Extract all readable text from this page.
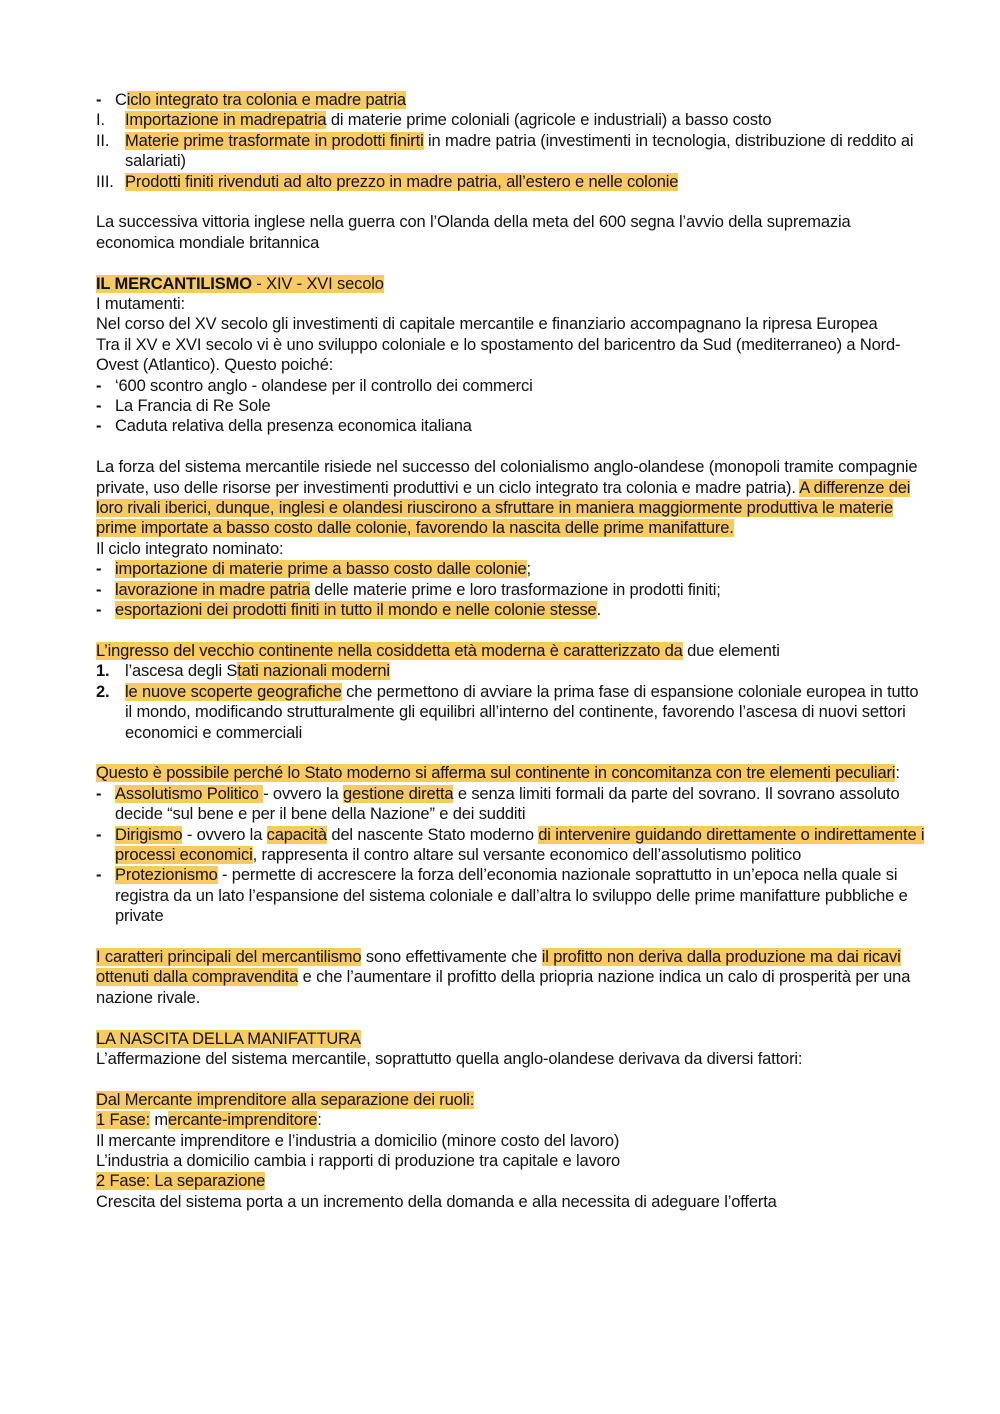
- Ciclo integrato tra colonia e madre patria
I.	Importazione in madrepatria di materie prime coloniali (agricole e industriali) a basso costo
II. Materie prime trasformate in prodotti finirti in madre patria (investimenti in tecnologia, distribuzione di reddito ai salariati)
III. Prodotti finiti rivenduti ad alto prezzo in madre patria, all’estero e nelle colonie

La successiva vittoria inglese nella guerra con l’Olanda della meta del 600 segna l’avvio della supremazia economica mondiale britannica

IL MERCANTILISMO - XIV - XVI secolo
I mutamenti:

Nel corso del XV secolo gli investimenti di capitale mercantile e finanziario accompagnano la ripresa Europea

Tra il XV e XVI secolo vi è uno sviluppo coloniale e lo spostamento del baricentro da Sud (mediterraneo) a Nord-Ovest (Atlantico). Questo poiché:

- ‘600 scontro anglo - olandese per il controllo dei commerci
- La Francia di Re Sole
- Caduta relativa della presenza economica italiana

La forza del sistema mercantile risiede nel successo del colonialismo anglo-olandese (monopoli tramite compagnie private, uso delle risorse per investimenti produttivi e un ciclo integrato tra colonia e madre patria). A differenze dei loro rivali iberici, dunque, inglesi e olandesi riuscirono a sfruttare in maniera maggiormente produttiva le materie prime importate a basso costo dalle colonie, favorendo la nascita delle prime manifatture.

Il ciclo integrato nominato:
- importazione di materie prime a basso costo dalle colonie;
- lavorazione in madre patria delle materie prime e loro trasformazione in prodotti finiti;
- esportazioni dei prodotti finiti in tutto il mondo e nelle colonie stesse.
L’ingresso del vecchio continente nella cosiddetta età moderna è caratterizzato da due elementi
1. l’ascesa degli Stati nazionali moderni
2. le nuove scoperte geografiche che permettono di avviare la prima fase di espansione coloniale europea in tutto il mondo, modificando strutturalmente gli equilibri all’interno del continente, favorendo l’ascesa di nuovi settori economici e commerciali

Questo è possibile perché lo Stato moderno si afferma sul continente in concomitanza con tre elementi peculiari:

- Assolutismo Politico - ovvero la gestione diretta e senza limiti formali da parte del sovrano. Il sovrano assoluto decide “sul bene e per il bene della Nazione” e dei sudditi
- Dirigismo - ovvero la capacità del nascente Stato moderno di intervenire guidando direttamente o indirettamente i processi economici, rappresenta il contro altare sul versante economico dell’assolutismo politico
- Protezionismo - permette di accrescere la forza dell’economia nazionale soprattutto in un’epoca nella quale si registra da un lato l’espansione del sistema coloniale e dall’altra lo sviluppo delle prime manifatture pubbliche e private

I caratteri principali del mercantilismo sono effettivamente che il profitto non deriva dalla produzione ma dai ricavi ottenuti dalla compravendita e che l’aumentare il profitto della priopria nazione indica un calo di prosperità per una nazione rivale.

LA NASCITA DELLA MANIFATTURA

L’affermazione del sistema mercantile, soprattutto quella anglo-olandese derivava da diversi fattori:

Dal Mercante imprenditore alla separazione dei ruoli:
1 Fase: mercante-imprenditore:
Il mercante imprenditore e l’industria a domicilio (minore costo del lavoro)
L’industria a domicilio cambia i rapporti di produzione tra capitale e lavoro
2 Fase: La separazione
Crescita del sistema porta a un incremento della domanda e alla necessita di adeguare l’offerta
